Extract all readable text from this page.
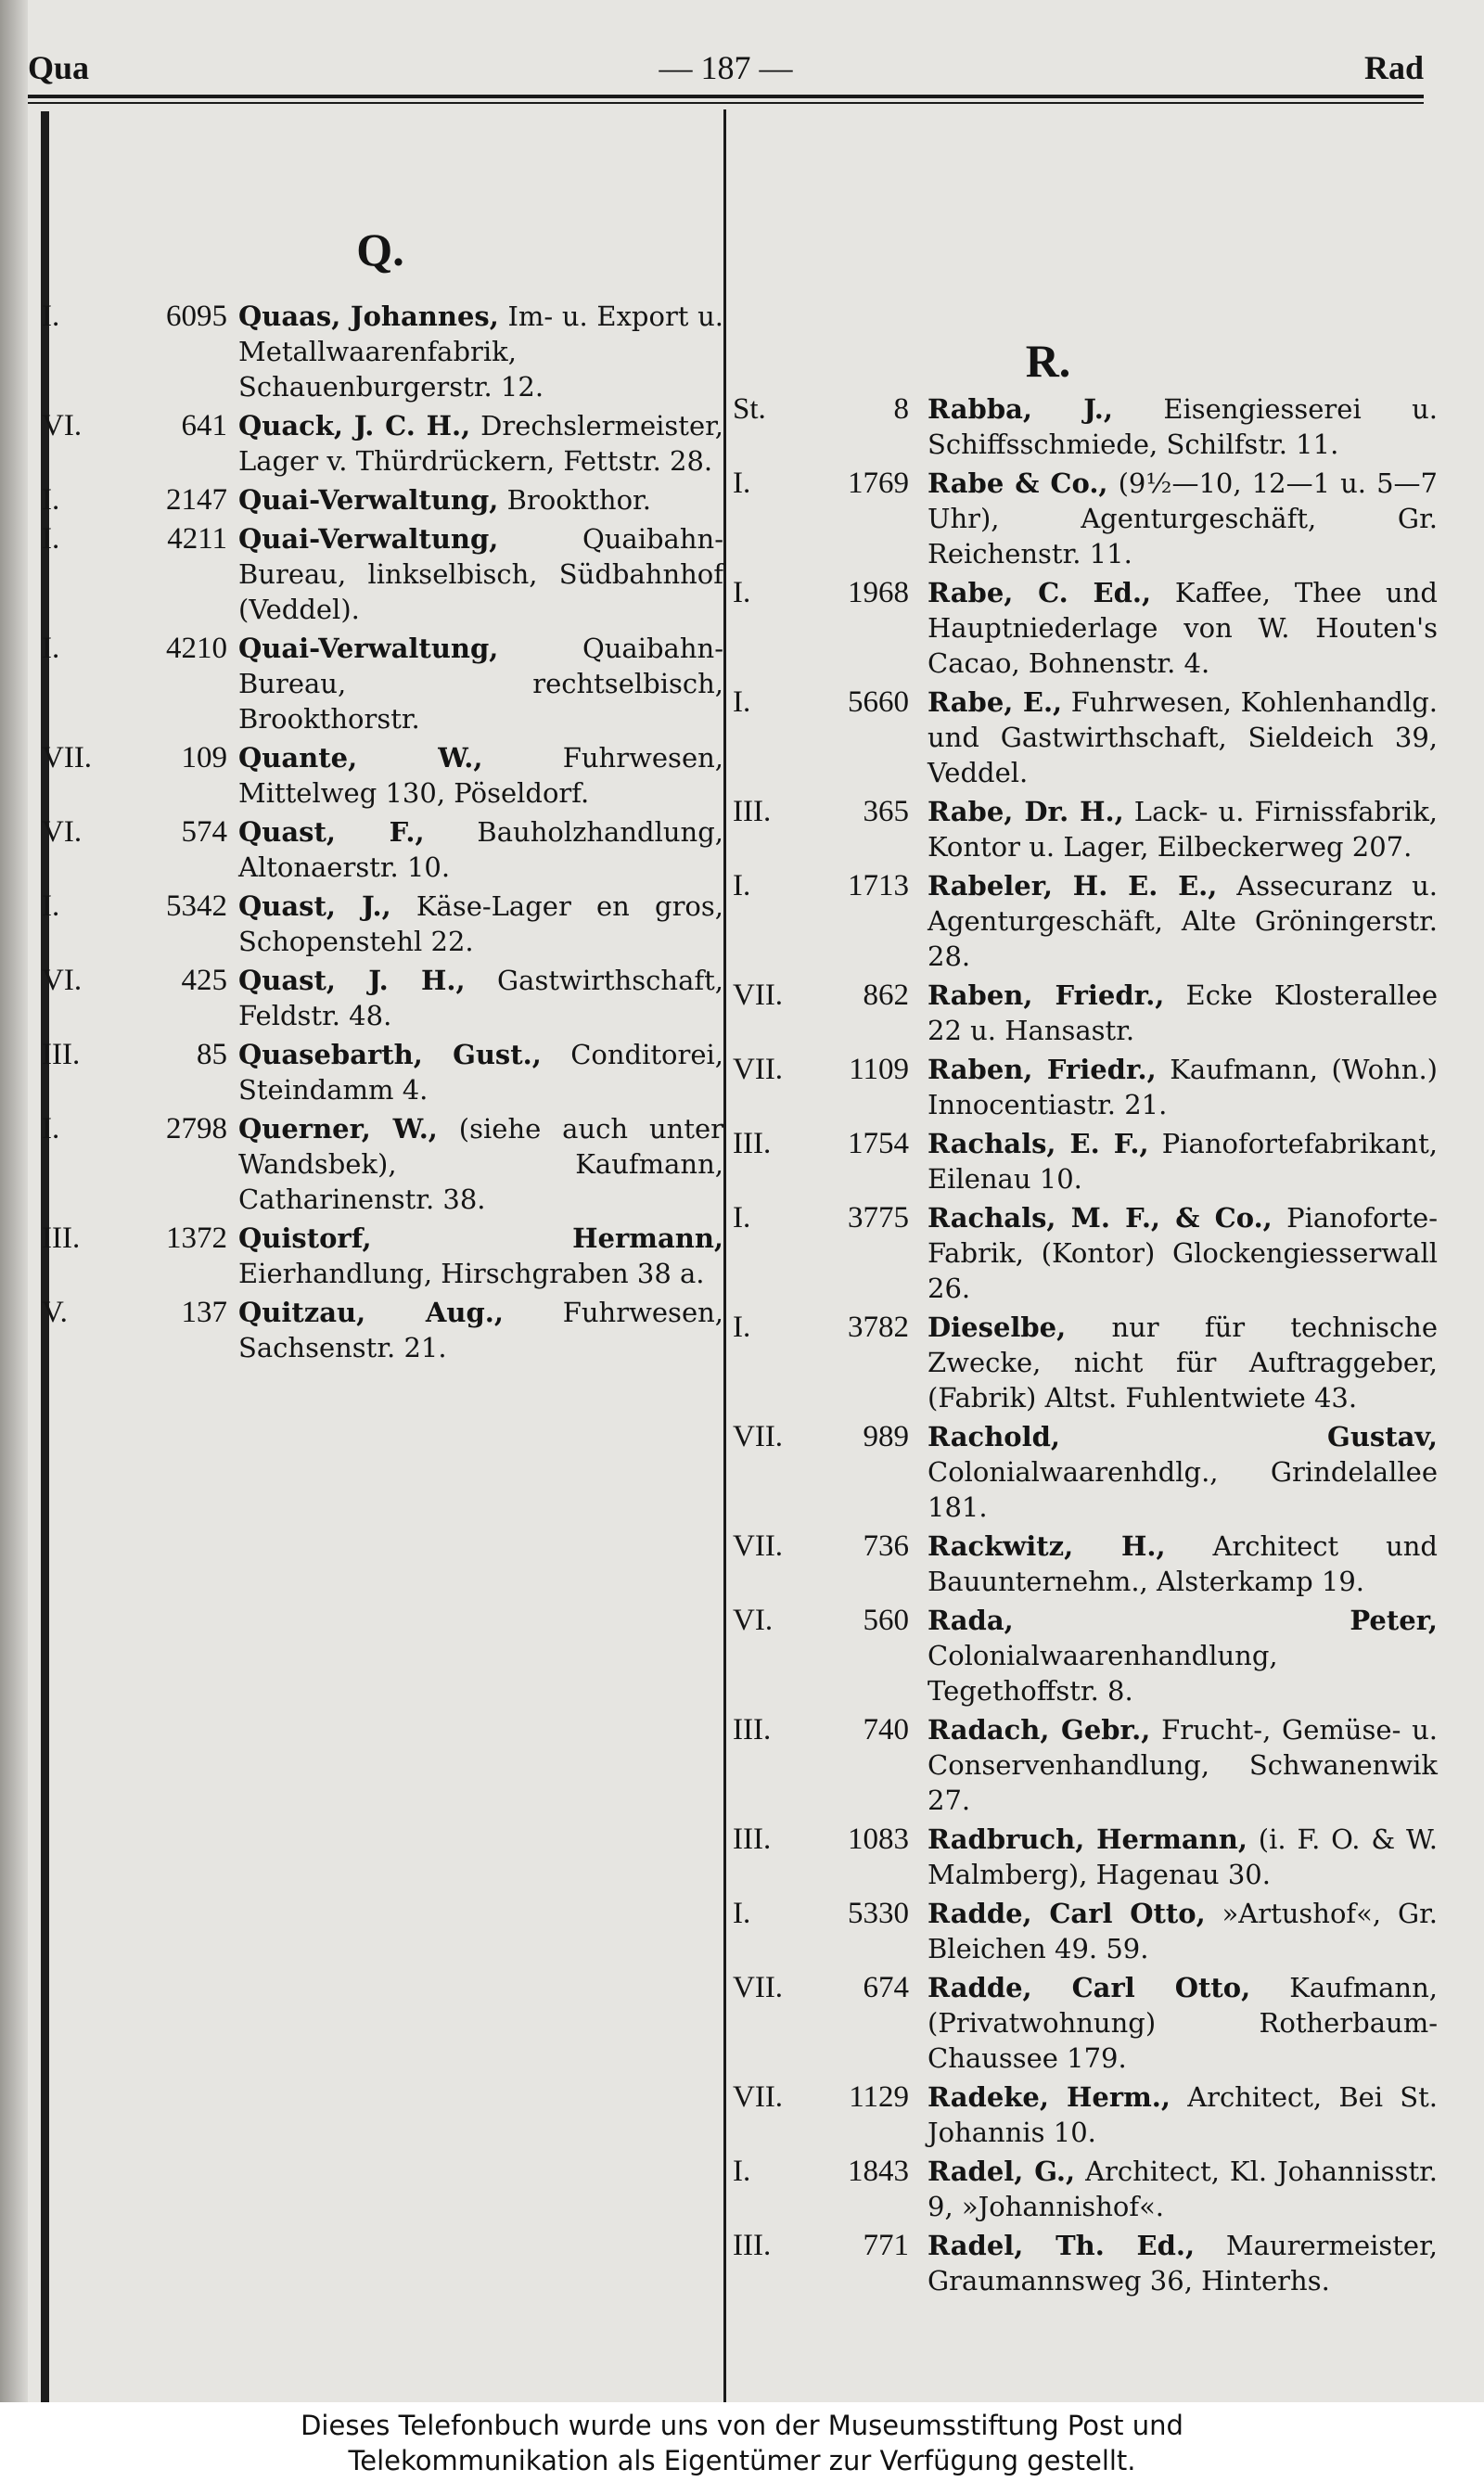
Qua	— 187 —	Rad
Q.
R.
I.	6095 Quaas, Johannes, Im- u. Export u. Metallwaarenfabrik, Schauenburgerstr. 12.
VI.	641 Quack, J. C. H., Drechslermeister, Lager v. Thürdrückern, Fettstr. 28.
I.	2147 Quai-Verwaltung, Brookthor.
I.	4211 Quai-Verwaltung, Quaibahn-Bureau, linkselbisch, Südbahnhof (Veddel).
I.	4210 Quai-Verwaltung, Quaibahn-Bureau, rechtselbisch, Brookthorstr.
VII.	109 Quante, W., Fuhrwesen, Mittelweg 130, Pöseldorf.
VI.	574 Quast, F., Bauholzhandlung, Altonaerstr. 10.
I.	5342 Quast, J., Käse-Lager en gros, Schopenstehl 22.
VI.	425 Quast, J. H., Gastwirthschaft, Feldstr. 48.
III.	85 Quasebarth, Gust., Conditorei, Steindamm 4.
I.	2798 Querner, W., (siehe auch unter Wandsbek), Kaufmann, Catharinenstr. 38.
III.	1372 Quistorf, Hermann, Eierhandlung, Hirschgraben 38 a.
V.	137 Quitzau, Aug., Fuhrwesen, Sachsenstr. 21.
St.	8 Rabba, J., Eisengiesserei u. Schiffsschmiede, Schilfstr. 11.
I.	1769 Rabe & Co., (9½—10, 12—1 u. 5—7 Uhr), Agenturgeschäft, Gr. Reichenstr. 11.
I.	1968 Rabe, C. Ed., Kaffee, Thee und Hauptniederlage von W. Houten's Cacao, Bohnenstr. 4.
I.	5660 Rabe, E., Fuhrwesen, Kohlenhandlg. und Gastwirthschaft, Sieldeich 39, Veddel.
III.	365 Rabe, Dr. H., Lack- u. Firnissfabrik, Kontor u. Lager, Eilbeckerweg 207.
I.	1713 Rabeler, H. E. E., Assecuranz u. Agenturgeschäft, Alte Gröningerstr. 28.
VII.	862 Raben, Friedr., Ecke Klosterallee 22 u. Hansastr.
VII. 1109 Raben, Friedr., Kaufmann, (Wohn.) Innocentiastr. 21.
III.	1754 Rachals, E. F., Pianofortefabrikant, Eilenau 10.
I.	3775 Rachals, M. F., & Co., Pianoforte-Fabrik, (Kontor) Glockengiesserwall 26.
I.	3782 Dieselbe, nur für technische Zwecke, nicht für Auftraggeber, (Fabrik) Altst. Fuhlentwiete 43.
VII.	989 Rachold, Gustav, Colonialwaarenhdlg., Grindelallee 181.
VII.	736 Rackwitz, H., Architect und Bauunternehm., Alsterkamp 19.
VI.	560 Rada, Peter, Colonialwaarenhandlung, Tegethoffstr. 8.
III.	740 Radach, Gebr., Frucht-, Gemüse- u. Conservenhandlung, Schwanenwik 27.
III.	1083 Radbruch, Hermann, (i. F. O. & W. Malmberg), Hagenau 30.
I.	5330 Radde, Carl Otto, »Artushof«, Gr. Bleichen 49. 59.
VII.	674 Radde, Carl Otto, Kaufmann, (Privatwohnung) Rotherbaum-Chaussee 179.
VII. 1129 Radeke, Herm., Architect, Bei St. Johannis 10.
I.	1843 Radel, G., Architect, Kl. Johannisstr. 9, »Johannishof«.
III.	771 Radel, Th. Ed., Maurermeister, Graumannsweg 36, Hinterhs.
Dieses Telefonbuch wurde uns von der Museumsstiftung Post und
Telekommunikation als Eigentümer zur Verfügung gestellt.
